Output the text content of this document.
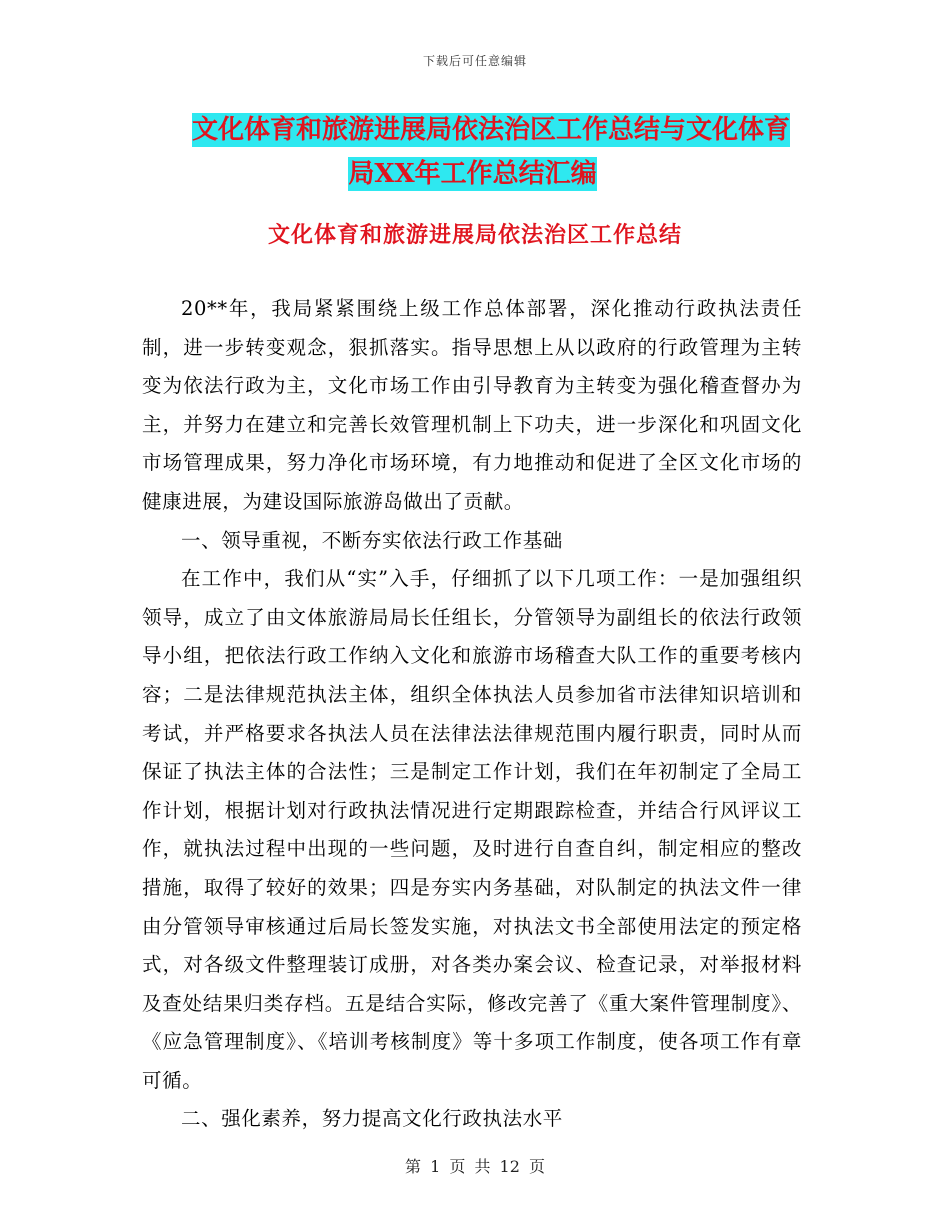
下载后可任意编辑
文化体育和旅游进展局依法治区工作总结与文化体育
局XX年工作总结汇编
文化体育和旅游进展局依法治区工作总结

20**年，我局紧紧围绕上级工作总体部署，深化推动行政执法责任制，进一步转变观念，狠抓落实。指导思想上从以政府的行政管理为主转变为依法行政为主，文化市场工作由引导教育为主转变为强化稽查督办为主，并努力在建立和完善长效管理机制上下功夫，进一步深化和巩固文化市场管理成果，努力净化市场环境，有力地推动和促进了全区文化市场的健康进展，为建设国际旅游岛做出了贡献。

一、领导重视，不断夯实依法行政工作基础

在工作中，我们从“实”入手，仔细抓了以下几项工作：一是加强组织领导，成立了由文体旅游局局长任组长，分管领导为副组长的依法行政领导小组，把依法行政工作纳入文化和旅游市场稽查大队工作的重要考核内容；二是法律规范执法主体，组织全体执法人员参加省市法律知识培训和考试，并严格要求各执法人员在法律法法律规范围内履行职责，同时从而保证了执法主体的合法性；三是制定工作计划，我们在年初制定了全局工作计划，根据计划对行政执法情况进行定期跟踪检查，并结合行风评议工作，就执法过程中出现的一些问题，及时进行自查自纠，制定相应的整改措施，取得了较好的效果；四是夯实内务基础，对队制定的执法文件一律由分管领导审核通过后局长签发实施，对执法文书全部使用法定的预定格式，对各级文件整理装订成册，对各类办案会议、检查记录，对举报材料及查处结果归类存档。五是结合实际，修改完善了《重大案件管理制度》、《应急管理制度》、《培训考核制度》等十多项工作制度，使各项工作有章可循。

二、强化素养，努力提高文化行政执法水平

第 1 页 共 12 页
